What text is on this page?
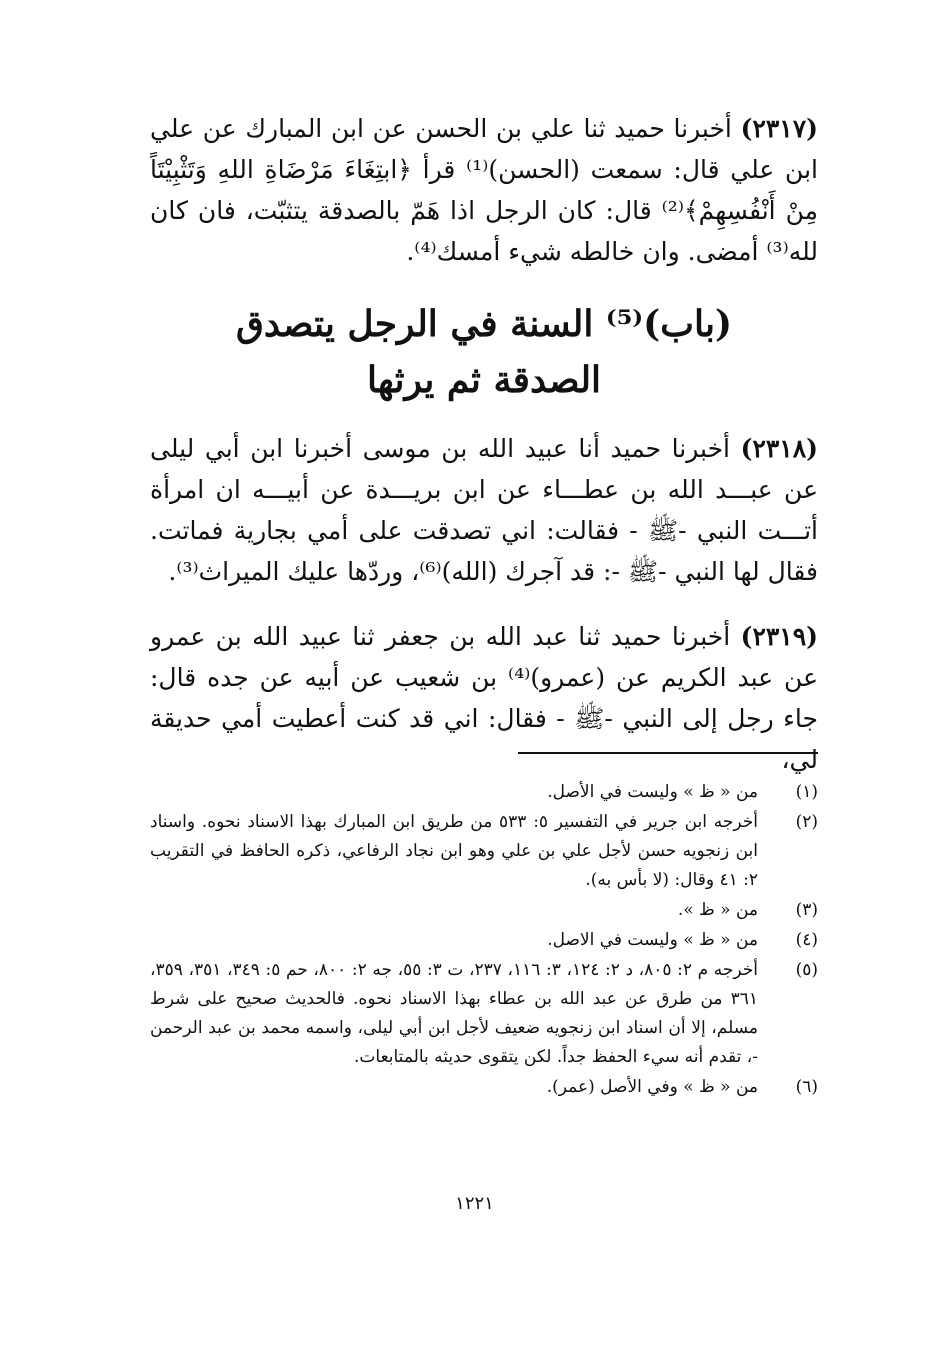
(٢٣١٧) أخبرنا حميد ثنا علي بن الحسن عن ابن المبارك عن علي ابن علي قال: سمعت (الحسن)⁽¹⁾ قرأ ﴿ابتِغَاءَ مَرْضَاةِ اللهِ وَتَثْبِيْتَاً مِنْ أَنْفُسِهِمْ﴾⁽²⁾ قال: كان الرجل اذا هَمّ بالصدقة يتثبّت، فان كان لله⁽³⁾ أمضى. وان خالطه شيء أمسك⁽⁴⁾.

(باب)⁽⁵⁾ السنة في الرجل يتصدق
الصدقة ثم يرثها

(٢٣١٨) أخبرنا حميد أنا عبيد الله بن موسى أخبرنا ابن أبي ليلى عن عبـــد الله بن عطـــاء عن ابن بريـــدة عن أبيـــه ان امرأة أتـــت النبي -ﷺ - فقالت: اني تصدقت على أمي بجارية فماتت. فقال لها النبي -ﷺ -: قد آجرك (الله)⁽⁶⁾، وردّها عليك الميراث⁽³⁾.

(٢٣١٩) أخبرنا حميد ثنا عبد الله بن جعفر ثنا عبيد الله بن عمرو عن عبد الكريم عن (عمرو)⁽⁴⁾ بن شعيب عن أبيه عن جده قال: جاء رجل إلى النبي -ﷺ - فقال: اني قد كنت أعطيت أمي حديقة لي،

(١)
من « ظ » وليست في الأصل.
(٢)
أخرجه ابن جرير في التفسير ٥: ٥٣٣ من طريق ابن المبارك بهذا الاسناد نحوه. واسناد ابن زنجويه حسن لأجل علي بن علي وهو ابن نجاد الرفاعي، ذكره الحافظ في التقريب ٢: ٤١ وقال: (لا بأس به).
(٣)
من « ظ ».
(٤)
من « ظ » وليست في الاصل.
(٥)
أخرجه م ٢: ٨٠٥، د ٢: ١٢٤، ٣: ١١٦، ٢٣٧، ت ٣: ٥٥، جه ٢: ٨٠٠، حم ٥: ٣٤٩، ٣٥١، ٣٥٩، ٣٦١ من طرق عن عبد الله بن عطاء بهذا الاسناد نحوه. فالحديث صحيح على شرط مسلم، إلا أن اسناد ابن زنجويه ضعيف لأجل ابن أبي ليلى، واسمه محمد بن عبد الرحمن -، تقدم أنه سيء الحفظ جداً. لكن يتقوى حديثه بالمتابعات.
(٦)
من « ظ » وفي الأصل (عمر).
١٢٢١
